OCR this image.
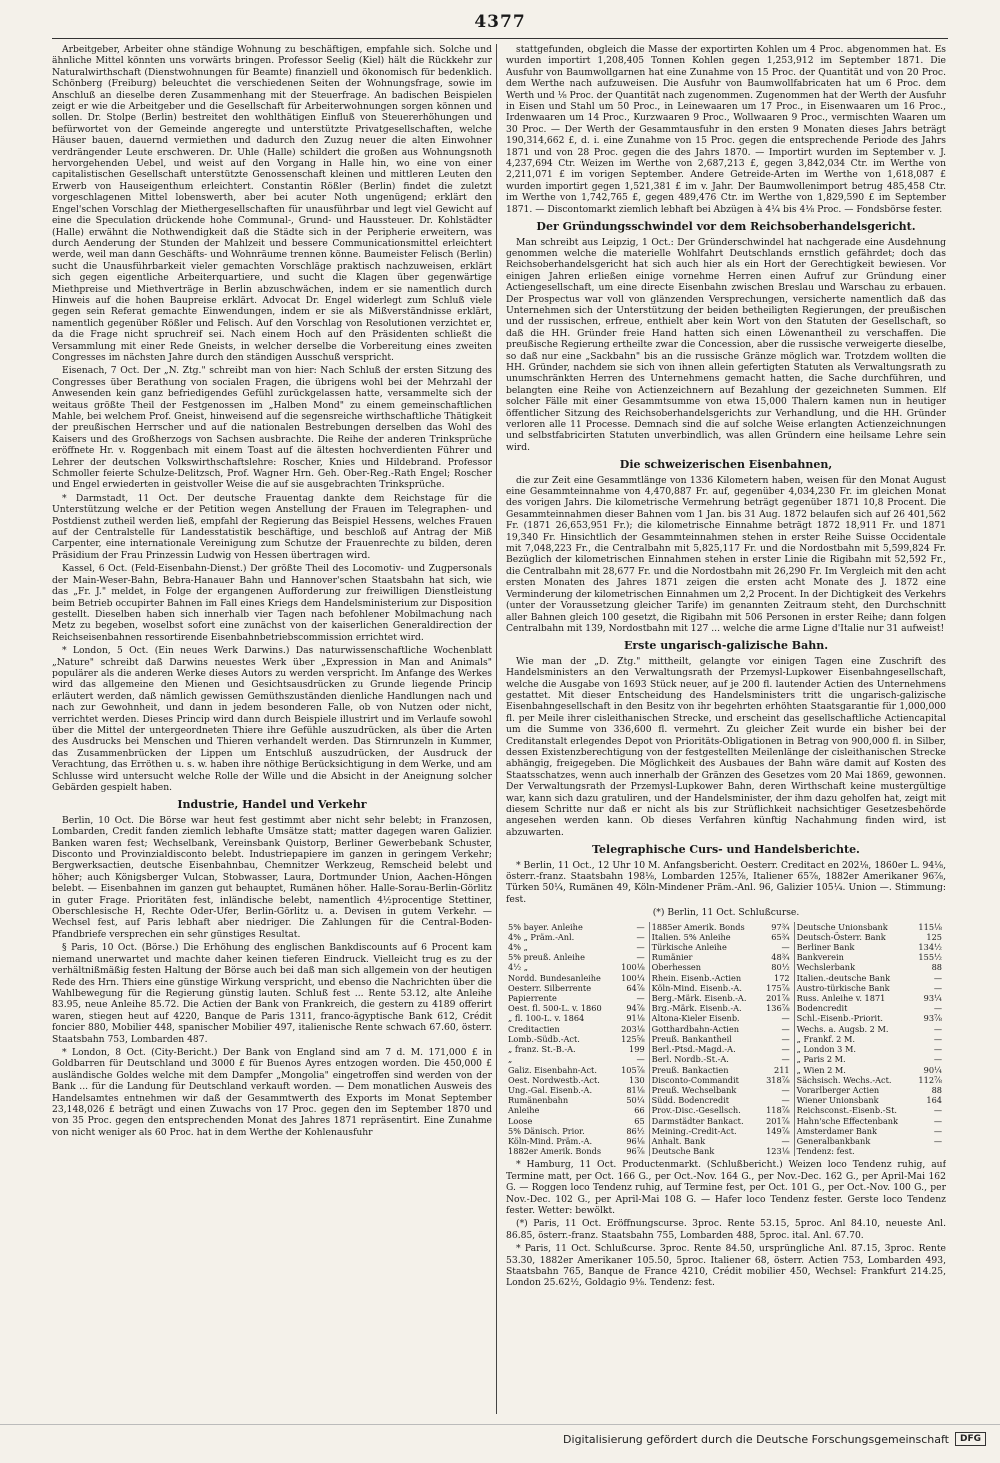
4377

Arbeitgeber, Arbeiter ohne ständige Wohnung zu beschäftigen, empfahle sich. Solche und ähnliche Mittel könnten uns vorwärts bringen. Professor Seelig (Kiel) hält die Rückkehr zur Naturalwirthschaft (Dienstwohnungen für Beamte) finanziell und ökonomisch für bedenklich. Schönberg (Freiburg) beleuchtet die verschiedenen Seiten der Wohnungsfrage, sowie im Anschluß an dieselbe deren Zusammenhang mit der Steuerfrage. An badischen Beispielen zeigt er wie die Arbeitgeber und die Gesellschaft für Arbeiterwohnungen sorgen können und sollen. Dr. Stolpe (Berlin) bestreitet den wohlthätigen Einfluß von Steuererhöhungen und befürwortet von der Gemeinde angeregte und unterstützte Privatgesellschaften, welche Häuser bauen, dauernd vermiethen und dadurch den Zuzug neuer die alten Einwohner verdrängender Leute erschweren. Dr. Uhle (Halle) schildert die großen aus Wohnungsnoth hervorgehenden Uebel, und weist auf den Vorgang in Halle hin, wo eine von einer capitalistischen Gesellschaft unterstützte Genossenschaft kleinen und mittleren Leuten den Erwerb von Hauseigenthum erleichtert. Constantin Rößler (Berlin) findet die zuletzt vorgeschlagenen Mittel lobenswerth, aber bei acuter Noth ungenügend; erklärt den Engel'schen Vorschlag der Miethergesellschaften für unausführbar und legt viel Gewicht auf eine die Speculation drückende hohe Communal-, Grund- und Haussteuer. Dr. Kohlstädter (Halle) erwähnt die Nothwendigkeit daß die Städte sich in der Peripherie erweitern, was durch Aenderung der Stunden der Mahlzeit und bessere Communicationsmittel erleichtert werde, weil man dann Geschäfts- und Wohnräume trennen könne. Baumeister Felisch (Berlin) sucht die Unausführbarkeit vieler gemachten Vorschläge praktisch nachzuweisen, erklärt sich gegen eigentliche Arbeiterquartiere, und sucht die Klagen über gegenwärtige Miethpreise und Miethverträge in Berlin abzuschwächen, indem er sie namentlich durch Hinweis auf die hohen Baupreise erklärt. Advocat Dr. Engel widerlegt zum Schluß viele gegen sein Referat gemachte Einwendungen, indem er sie als Mißverständnisse erklärt, namentlich gegenüber Rößler und Felisch. Auf den Vorschlag von Resolutionen verzichtet er, da die Frage nicht spruchreif sei. Nach einem Hoch auf den Präsidenten schließt die Versammlung mit einer Rede Gneists, in welcher derselbe die Vorbereitung eines zweiten Congresses im nächsten Jahre durch den ständigen Ausschuß verspricht.

Eisenach, 7 Oct. Der „N. Ztg." schreibt man von hier: Nach Schluß der ersten Sitzung des Congresses über Berathung von socialen Fragen, die übrigens wohl bei der Mehrzahl der Anwesenden kein ganz befriedigendes Gefühl zurückgelassen hatte, versammelte sich der weitaus größte Theil der Festgenossen im „Halben Mond" zu einem gemeinschaftlichen Mahle, bei welchem Prof. Gneist, hinweisend auf die segensreiche wirthschaftliche Thätigkeit der preußischen Herrscher und auf die nationalen Bestrebungen derselben das Wohl des Kaisers und des Großherzogs von Sachsen ausbrachte. Die Reihe der anderen Trinksprüche eröffnete Hr. v. Roggenbach mit einem Toast auf die ältesten hochverdienten Führer und Lehrer der deutschen Volkswirthschaftslehre: Roscher, Knies und Hildebrand. Professor Schmoller feierte Schulze-Delitzsch, Prof. Wagner Hrn. Geh. Ober-Reg.-Rath Engel; Roscher und Engel erwiederten in geistvoller Weise die auf sie ausgebrachten Trinksprüche.

* Darmstadt, 11 Oct. Der deutsche Frauentag dankte dem Reichstage für die Unterstützung welche er der Petition wegen Anstellung der Frauen im Telegraphen- und Postdienst zutheil werden ließ, empfahl der Regierung das Beispiel Hessens, welches Frauen auf der Centralstelle für Landesstatistik beschäftige, und beschloß auf Antrag der Miß Carpenter, eine internationale Vereinigung zum Schutze der Frauenrechte zu bilden, deren Präsidium der Frau Prinzessin Ludwig von Hessen übertragen wird.

Kassel, 6 Oct. (Feld-Eisenbahn-Dienst.) Der größte Theil des Locomotiv- und Zugpersonals der Main-Weser-Bahn, Bebra-Hanauer Bahn und Hannover'schen Staatsbahn hat sich, wie das „Fr. J." meldet, in Folge der ergangenen Aufforderung zur freiwilligen Dienstleistung beim Betrieb occupirter Bahnen im Fall eines Kriegs dem Handelsministerium zur Disposition gestellt. Dieselben haben sich innerhalb vier Tagen nach befohlener Mobilmachung nach Metz zu begeben, woselbst sofort eine zunächst von der kaiserlichen Generaldirection der Reichseisenbahnen ressortirende Eisenbahnbetriebscommission errichtet wird.

* London, 5 Oct. (Ein neues Werk Darwins.) Das naturwissenschaftliche Wochenblatt „Nature" schreibt daß Darwins neuestes Werk über „Expression in Man and Animals" populärer als die anderen Werke dieses Autors zu werden verspricht. Im Anfange des Werkes wird das allgemeine den Mienen und Gesichtsausdrücken zu Grunde liegende Princip erläutert werden, daß nämlich gewissen Gemüthszuständen dienliche Handlungen nach und nach zur Gewohnheit, und dann in jedem besonderen Falle, ob von Nutzen oder nicht, verrichtet werden. Dieses Princip wird dann durch Beispiele illustrirt und im Verlaufe sowohl über die Mittel der untergeordneten Thiere ihre Gefühle auszudrücken, als über die Arten des Ausdrucks bei Menschen und Thieren verhandelt werden. Das Stirnrunzeln in Kummer, das Zusammenbrücken der Lippen um Entschluß auszudrücken, der Ausdruck der Verachtung, das Erröthen u. s. w. haben ihre nöthige Berücksichtigung in dem Werke, und am Schlusse wird untersucht welche Rolle der Wille und die Absicht in der Aneignung solcher Gebärden gespielt haben.

Industrie, Handel und Verkehr

Berlin, 10 Oct. Die Börse war heut fest gestimmt aber nicht sehr belebt; in Franzosen, Lombarden, Credit fanden ziemlich lebhafte Umsätze statt; matter dagegen waren Galizier. Banken waren fest; Wechselbank, Vereinsbank Quistorp, Berliner Gewerbebank Schuster, Disconto und Provinzialdisconto belebt. Industriepapiere im ganzen in geringem Verkehr; Bergwerksactien, deutsche Eisenbahnbau, Chemnitzer Werkzeug, Remscheid belebt und höher; auch Königsberger Vulcan, Stobwasser, Laura, Dortmunder Union, Aachen-Höngen belebt. — Eisenbahnen im ganzen gut behauptet, Rumänen höher. Halle-Sorau-Berlin-Görlitz in guter Frage. Prioritäten fest, inländische belebt, namentlich 4½procentige Stettiner, Oberschlesische H, Rechte Oder-Ufer, Berlin-Görlitz u. a. Devisen in gutem Verkehr. — Wechsel fest, auf Paris lebhaft aber niedriger. Die Zahlungen für die Central-Boden-Pfandbriefe versprechen ein sehr günstiges Resultat.

§ Paris, 10 Oct. (Börse.) Die Erhöhung des englischen Bankdiscounts auf 6 Procent kam niemand unerwartet und machte daher keinen tieferen Eindruck. Vielleicht trug es zu der verhältnißmäßig festen Haltung der Börse auch bei daß man sich allgemein von der heutigen Rede des Hrn. Thiers eine günstige Wirkung verspricht, und ebenso die Nachrichten über die Wahlbewegung für die Regierung günstig lauten. Schluß fest ... Rente 53.12, alte Anleihe 83.95, neue Anleihe 85.72. Die Actien der Bank von Frankreich, die gestern zu 4189 offerirt waren, stiegen heut auf 4220, Banque de Paris 1311, franco-ägyptische Bank 612, Crédit foncier 880, Mobilier 448, spanischer Mobilier 497, italienische Rente schwach 67.60, österr. Staatsbahn 753, Lombarden 487.

* London, 8 Oct. (City-Bericht.) Der Bank von England sind am 7 d. M. 171,000 £ in Goldbarren für Deutschland und 3000 £ für Buenos Ayres entzogen worden. Die 450,000 £ ausländische Goldes welche mit dem Dampfer „Mongolia" eingetroffen sind werden von der Bank ... für die Landung für Deutschland verkauft worden. — Dem monatlichen Ausweis des Handelsamtes entnehmen wir daß der Gesammtwerth des Exports im Monat September 23,148,026 £ beträgt und einen Zuwachs von 17 Proc. gegen den im September 1870 und von 35 Proc. gegen den entsprechenden Monat des Jahres 1871 repräsentirt. Eine Zunahme von nicht weniger als 60 Proc. hat in dem Werthe der Kohlenausfuhr

stattgefunden, obgleich die Masse der exportirten Kohlen um 4 Proc. abgenommen hat. Es wurden importirt 1,208,405 Tonnen Kohlen gegen 1,253,912 im September 1871. Die Ausfuhr von Baumwollgarnen hat eine Zunahme von 15 Proc. der Quantität und von 20 Proc. dem Werthe nach aufzuweisen. Die Ausfuhr von Baumwollfabricaten hat um 6 Proc. dem Werth und ⅛ Proc. der Quantität nach zugenommen. Zugenommen hat der Werth der Ausfuhr in Eisen und Stahl um 50 Proc., in Leinewaaren um 17 Proc., in Eisenwaaren um 16 Proc., Irdenwaaren um 14 Proc., Kurzwaaren 9 Proc., Wollwaaren 9 Proc., vermischten Waaren um 30 Proc. — Der Werth der Gesammtausfuhr in den ersten 9 Monaten dieses Jahrs beträgt 190,314,662 £, d. i. eine Zunahme von 15 Proc. gegen die entsprechende Periode des Jahrs 1871 und von 28 Proc. gegen die des Jahrs 1870. — Importirt wurden im September v. J. 4,237,694 Ctr. Weizen im Werthe von 2,687,213 £, gegen 3,842,034 Ctr. im Werthe von 2,211,071 £ im vorigen September. Andere Getreide-Arten im Werthe von 1,618,087 £ wurden importirt gegen 1,521,381 £ im v. Jahr. Der Baumwollenimport betrug 485,458 Ctr. im Werthe von 1,742,765 £, gegen 489,476 Ctr. im Werthe von 1,829,590 £ im September 1871. — Discontomarkt ziemlich lebhaft bei Abzügen à 4¼ bis 4⅛ Proc. — Fondsbörse fester.

Der Gründungsschwindel vor dem Reichsoberhandelsgericht.

Man schreibt aus Leipzig, 1 Oct.: Der Gründerschwindel hat nachgerade eine Ausdehnung genommen welche die materielle Wohlfahrt Deutschlands ernstlich gefährdet; doch das Reichsoberhandelsgericht hat sich auch hier als ein Hort der Gerechtigkeit bewiesen. Vor einigen Jahren erließen einige vornehme Herren einen Aufruf zur Gründung einer Actiengesellschaft, um eine directe Eisenbahn zwischen Breslau und Warschau zu erbauen. Der Prospectus war voll von glänzenden Versprechungen, versicherte namentlich daß das Unternehmen sich der Unterstützung der beiden betheiligten Regierungen, der preußischen und der russischen, erfreue, enthielt aber kein Wort von den Statuten der Gesellschaft, so daß die HH. Gründer freie Hand hatten sich einen Löwenantheil zu verschaffen. Die preußische Regierung ertheilte zwar die Concession, aber die russische verweigerte dieselbe, so daß nur eine „Sackbahn" bis an die russische Gränze möglich war. Trotzdem wollten die HH. Gründer, nachdem sie sich von ihnen allein gefertigten Statuten als Verwaltungsrath zu unumschränkten Herren des Unternehmens gemacht hatten, die Sache durchführen, und belangten eine Reihe von Actienzeichnern auf Bezahlung der gezeichneten Summen. Elf solcher Fälle mit einer Gesammtsumme von etwa 15,000 Thalern kamen nun in heutiger öffentlicher Sitzung des Reichsoberhandelsgerichts zur Verhandlung, und die HH. Gründer verloren alle 11 Processe. Demnach sind die auf solche Weise erlangten Actienzeichnungen und selbstfabricirten Statuten unverbindlich, was allen Gründern eine heilsame Lehre sein wird.

Die schweizerischen Eisenbahnen,

die zur Zeit eine Gesammtlänge von 1336 Kilometern haben, weisen für den Monat August eine Gesammteinnahme von 4,470,887 Fr. auf, gegenüber 4,034,230 Fr. im gleichen Monat des vorigen Jahrs. Die kilometrische Vermehrung beträgt gegenüber 1871 10,8 Procent. Die Gesammteinnahmen dieser Bahnen vom 1 Jan. bis 31 Aug. 1872 belaufen sich auf 26 401,562 Fr. (1871 26,653,951 Fr.); die kilometrische Einnahme beträgt 1872 18,911 Fr. und 1871 19,340 Fr. Hinsichtlich der Gesammteinnahmen stehen in erster Reihe Suisse Occidentale mit 7,048,223 Fr., die Centralbahn mit 5,825,117 Fr. und die Nordostbahn mit 5,599,824 Fr. Bezüglich der kilometrischen Einnahmen stehen in erster Linie die Rigibahn mit 52,592 Fr., die Centralbahn mit 28,677 Fr. und die Nordostbahn mit 26,290 Fr. Im Vergleich mit den acht ersten Monaten des Jahres 1871 zeigen die ersten acht Monate des J. 1872 eine Verminderung der kilometrischen Einnahmen um 2,2 Procent. In der Dichtigkeit des Verkehrs (unter der Voraussetzung gleicher Tarife) im genannten Zeitraum steht, den Durchschnitt aller Bahnen gleich 100 gesetzt, die Rigibahn mit 506 Personen in erster Reihe; dann folgen Centralbahn mit 139, Nordostbahn mit 127 ... welche die arme Ligne d'Italie nur 31 aufweist!

Erste ungarisch-galizische Bahn.

Wie man der „D. Ztg." mittheilt, gelangte vor einigen Tagen eine Zuschrift des Handelsministers an den Verwaltungsrath der Przemysl-Lupkower Eisenbahngesellschaft, welche die Ausgabe von 1693 Stück neuer, auf je 200 fl. lautender Actien des Unternehmens gestattet. Mit dieser Entscheidung des Handelsministers tritt die ungarisch-galizische Eisenbahngesellschaft in den Besitz von ihr begehrten erhöhten Staatsgarantie für 1,000,000 fl. per Meile ihrer cisleithanischen Strecke, und erscheint das gesellschaftliche Actiencapital um die Summe von 336,600 fl. vermehrt. Zu gleicher Zeit wurde ein bisher bei der Creditanstalt erlegendes Depot von Prioritäts-Obligationen in Betrag von 900,000 fl. in Silber, dessen Existenzberechtigung von der festgestellten Meilenlänge der cisleithanischen Strecke abhängig, freigegeben. Die Möglichkeit des Ausbaues der Bahn wäre damit auf Kosten des Staatsschatzes, wenn auch innerhalb der Gränzen des Gesetzes vom 20 Mai 1869, gewonnen. Der Verwaltungsrath der Przemysl-Lupkower Bahn, deren Wirthschaft keine mustergültige war, kann sich dazu gratuliren, und der Handelsminister, der ihm dazu geholfen hat, zeigt mit diesem Schritte nur daß er nicht als bis zur Strüflichkeit nachsichtiger Gesetzesbehörde angesehen werden kann. Ob dieses Verfahren künftig Nachahmung finden wird, ist abzuwarten.

Telegraphische Curs- und Handelsberichte.

* Berlin, 11 Oct., 12 Uhr 10 M. Anfangsbericht. Oesterr. Creditact en 202⅛, 1860er L. 94⅛, österr.-franz. Staatsbahn 198⅛, Lombarden 125⅞, Italiener 65⅞, 1882er Amerikaner 96⅞, Türken 50¼, Rumänen 49, Köln-Mindener Präm.-Anl. 96, Galizier 105¼. Union —. Stimmung: fest.

(*) Berlin, 11 Oct. Schlußcurse.

5% bayer. Anleihe	—	1885er Amerik. Bonds	97¾	Deutsche Unionsbank	115⅛
4% „ Präm.-Anl.	—	Italien. 5% Anleihe	65¾	Deutsch-Österr. Bank	125
4% „	—	Türkische Anleihe	—	Berliner Bank	134½
5% preuß. Anleihe	—	Rumänier	48¾	Bankverein	155½
4½ „	100⅛	Oberhessen	80½	Wechslerbank	88
Nordd. Bundesanleihe	100¼	Rhein. Eisenb.-Actien	172	Italien.-deutsche Bank	—
Oesterr. Silberrente	64⅞	Köln-Mind. Eisenb.-A.	175⅞	Austro-türkische Bank	—
Papierrente	—	Berg.-Märk. Eisenb.-A.	201⅞	Russ. Anleihe v. 1871	93¼
Oest. fl. 500-L. v. 1860	94⅞	Brg.-Märk. Eisenb.-A.	136⅞	Bodencredit	—
„ fl. 100-L. v. 1864	91⅛	Altona-Kieler Eisenb.	—	Schl.-Eisenb.-Priorit.	93⅞
Creditactien	203⅛	Gotthardbahn-Actien	—	Wechs. a. Augsb. 2 M.	—
Lomb.-Südb.-Act.	125⅝	Preuß. Bankantheil	—	„ Frankf. 2 M.	—
„ franz. St.-B.-A.	199	Berl.-Ptsd.-Magd.-A.	—	„ London 3 M.	—
„	—	Berl. Nordb.-St.-A.	—	„ Paris 2 M.	—
Galiz. Eisenbahn-Act.	105⅞	Preuß. Bankactien	211	„ Wien 2 M.	90¼
Oest. Nordwestb.-Act.	130	Disconto-Commandit	318⅞	Sächsisch. Wechs.-Act.	112⅞
Ung.-Gal. Eisenb.-A.	81⅛	Preuß. Wechselbank	—	Vorarlberger Actien	88
Rumänenbahn	50¼	Südd. Bodencredit	—	Wiener Unionsbank	164
Anleihe	66	Prov.-Disc.-Gesellsch.	118⅞	Reichsconst.-Eisenb.-St.	—
Loose	65	Darmstädter Bankact.	201⅞	Hahn'sche Effectenbank	—
5% Dänisch. Prior.	86½	Meining.-Credit-Act.	149⅞	Amsterdamer Bank	—
Köln-Mind. Präm.-A.	96⅛	Anhalt. Bank	—	Generalbankbank	—
1882er Amerik. Bonds	96⅞	Deutsche Bank	123⅛	Tendenz: fest.	

* Hamburg, 11 Oct. Productenmarkt. (Schlußbericht.) Weizen loco Tendenz ruhig, auf Termine matt, per Oct. 166 G., per Oct.-Nov. 164 G., per Nov.-Dec. 162 G., per April-Mai 162 G. — Roggen loco Tendenz ruhig, auf Termine fest, per Oct. 101 G., per Oct.-Nov. 100 G., per Nov.-Dec. 102 G., per April-Mai 108 G. — Hafer loco Tendenz fester. Gerste loco Tendenz fester. Wetter: bewölkt.

(*) Paris, 11 Oct. Eröffnungscurse. 3proc. Rente 53.15, 5proc. Anl 84.10, neueste Anl. 86.85, österr.-franz. Staatsbahn 755, Lombarden 488, 5proc. ital. Anl. 67.70.

* Paris, 11 Oct. Schlußcurse. 3proc. Rente 84.50, ursprüngliche Anl. 87.15, 3proc. Rente 53.30, 1882er Amerikaner 105.50, 5proc. Italiener 68, österr. Actien 753, Lombarden 493, Staatsbahn 765, Banque de France 4210, Crédit mobilier 450, Wechsel: Frankfurt 214.25, London 25.62½, Goldagio 9⅛. Tendenz: fest.

Digitalisierung gefördert durch die Deutsche Forschungsgemeinschaft	DFG
